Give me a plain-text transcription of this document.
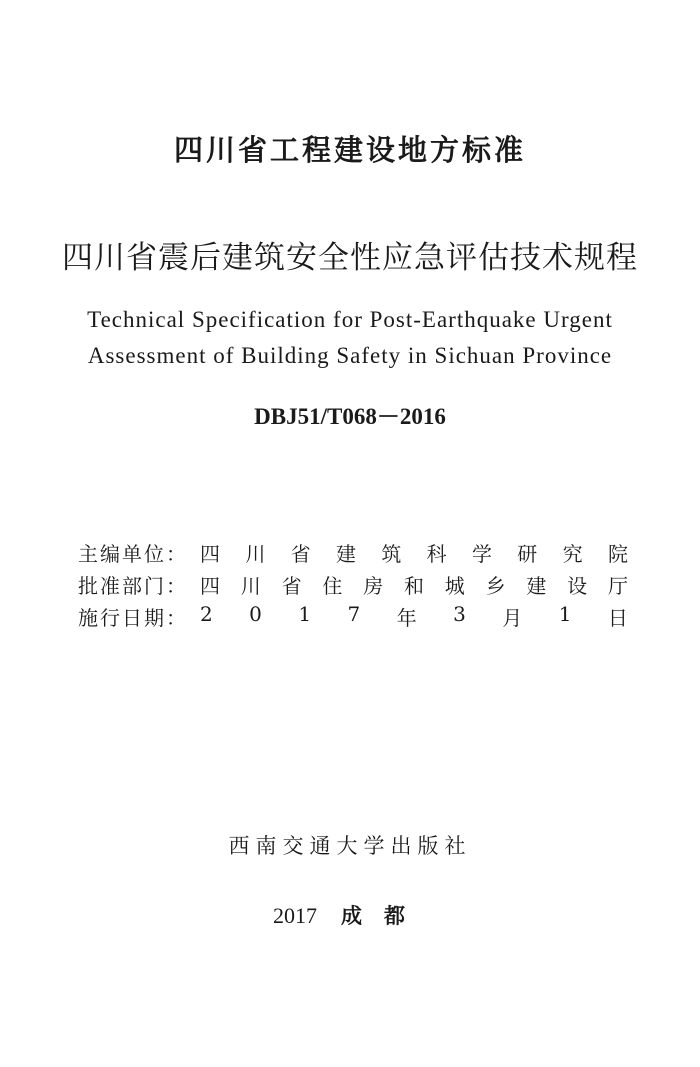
四川省工程建设地方标准
四川省震后建筑安全性应急评估技术规程
Technical Specification for Post-Earthquake Urgent
Assessment of Building Safety in Sichuan Province
DBJ51/T068－2016
主编单位： 四 川 省 建 筑 科 学 研 究 院
批准部门： 四 川 省 住 房 和 城 乡 建 设 厅
施行日期： 2 0 1 7 年 3 月 1 日
西南交通大学出版社
2017 成都
